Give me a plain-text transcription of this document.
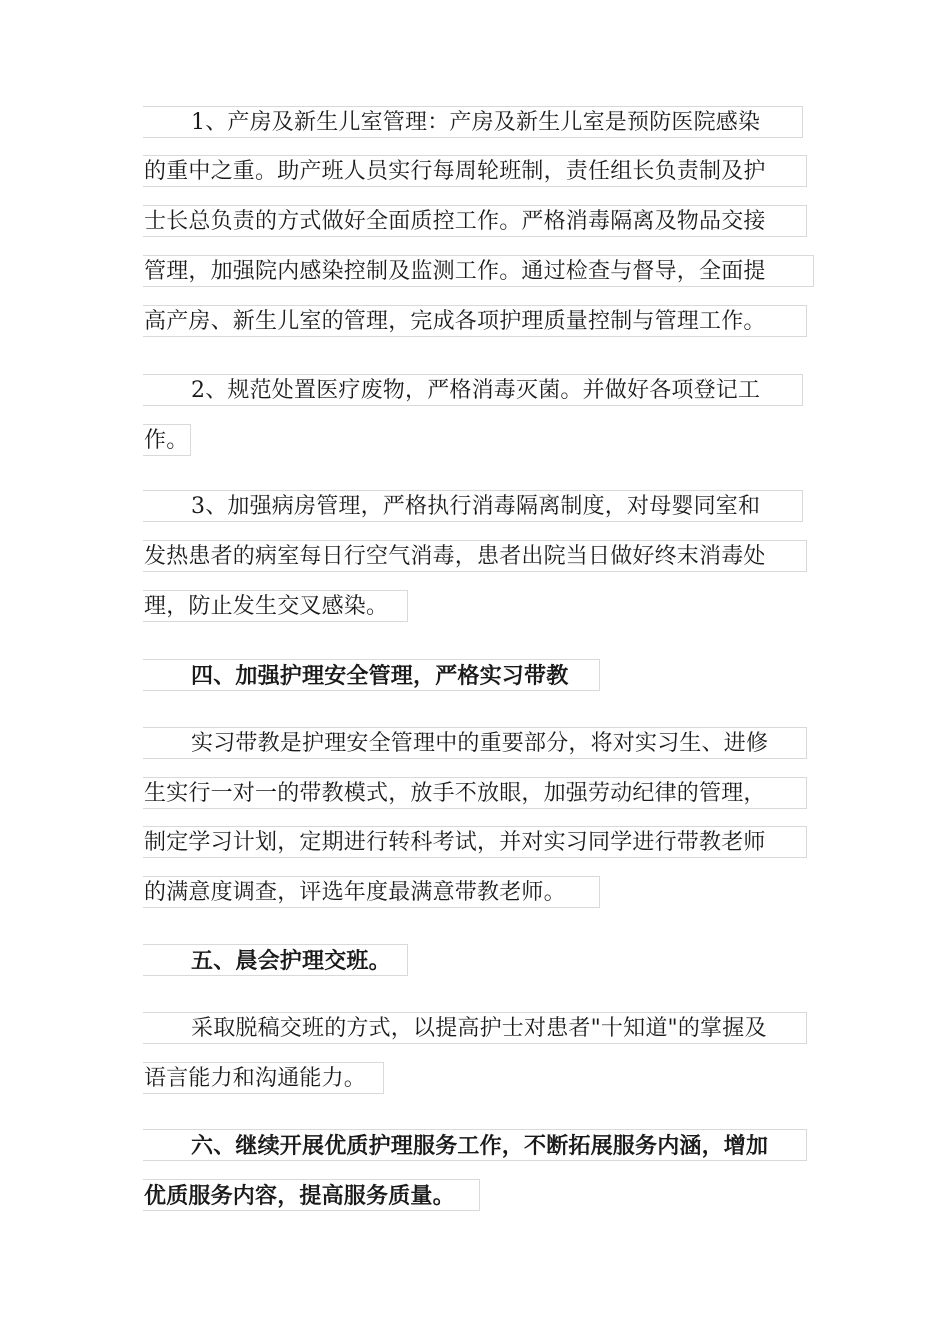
1、产房及新生儿室管理：产房及新生儿室是预防医院感染
的重中之重。助产班人员实行每周轮班制，责任组长负责制及护
士长总负责的方式做好全面质控工作。严格消毒隔离及物品交接
管理，加强院内感染控制及监测工作。通过检查与督导，全面提
高产房、新生儿室的管理，完成各项护理质量控制与管理工作。
2、规范处置医疗废物，严格消毒灭菌。并做好各项登记工
作。
3、加强病房管理，严格执行消毒隔离制度，对母婴同室和
发热患者的病室每日行空气消毒，患者出院当日做好终末消毒处
理，防止发生交叉感染。
四、加强护理安全管理，严格实习带教
实习带教是护理安全管理中的重要部分，将对实习生、进修
生实行一对一的带教模式，放手不放眼，加强劳动纪律的管理，
制定学习计划，定期进行转科考试，并对实习同学进行带教老师
的满意度调查，评选年度最满意带教老师。
五、晨会护理交班。
采取脱稿交班的方式，以提高护士对患者"十知道"的掌握及
语言能力和沟通能力。
六、继续开展优质护理服务工作，不断拓展服务内涵，增加
优质服务内容，提高服务质量。
